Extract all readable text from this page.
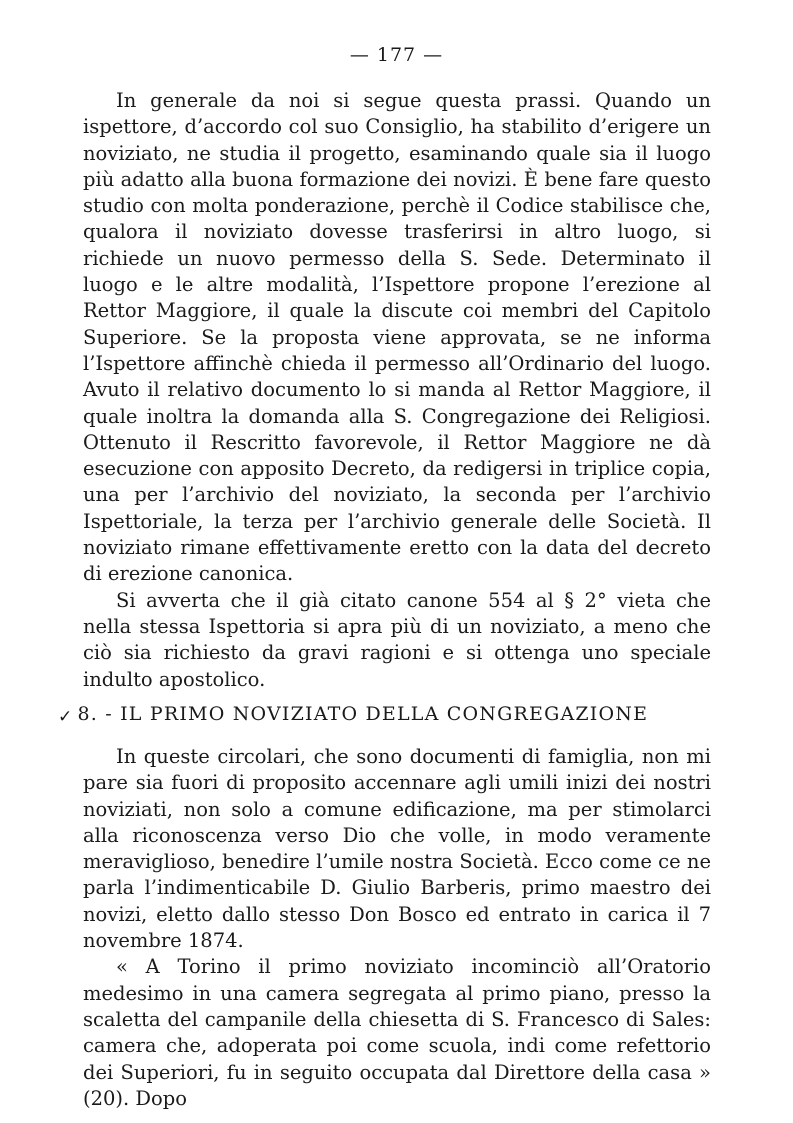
— 177 —

In generale da noi si segue questa prassi. Quando un ispettore, d’accordo col suo Consiglio, ha stabilito d’erigere un noviziato, ne studia il progetto, esaminando quale sia il luogo più adatto alla buona formazione dei novizi. È bene fare questo studio con molta ponderazione, perchè il Codice stabilisce che, qualora il noviziato dovesse trasferirsi in altro luogo, si richiede un nuovo permesso della S. Sede. Determinato il luogo e le altre modalità, l’Ispettore propone l’erezione al Rettor Maggiore, il quale la discute coi membri del Capitolo Superiore. Se la proposta viene approvata, se ne informa l’Ispettore affinchè chieda il permesso all’Ordinario del luogo. Avuto il relativo documento lo si manda al Rettor Maggiore, il quale inoltra la domanda alla S. Congregazione dei Religiosi. Ottenuto il Rescritto favorevole, il Rettor Maggiore ne dà esecuzione con apposito Decreto, da redigersi in triplice copia, una per l’archivio del noviziato, la seconda per l’archivio Ispettoriale, la terza per l’archivio generale delle Società. Il noviziato rimane effettivamente eretto con la data del decreto di erezione canonica.

Si avverta che il già citato canone 554 al § 2° vieta che nella stessa Ispettoria si apra più di un noviziato, a meno che ciò sia richiesto da gravi ragioni e si ottenga uno speciale indulto apostolico.

✓ 8. - IL PRIMO NOVIZIATO DELLA CONGREGAZIONE

In queste circolari, che sono documenti di famiglia, non mi pare sia fuori di proposito accennare agli umili inizi dei nostri noviziati, non solo a comune edificazione, ma per stimolarci alla riconoscenza verso Dio che volle, in modo veramente meraviglioso, benedire l’umile nostra Società. Ecco come ce ne parla l’indimenticabile D. Giulio Barberis, primo maestro dei novizi, eletto dallo stesso Don Bosco ed entrato in carica il 7 novembre 1874.

« A Torino il primo noviziato incominciò all’Oratorio medesimo in una camera segregata al primo piano, presso la scaletta del campanile della chiesetta di S. Francesco di Sales: camera che, adoperata poi come scuola, indi come refettorio dei Superiori, fu in seguito occupata dal Direttore della casa » (20). Dopo
